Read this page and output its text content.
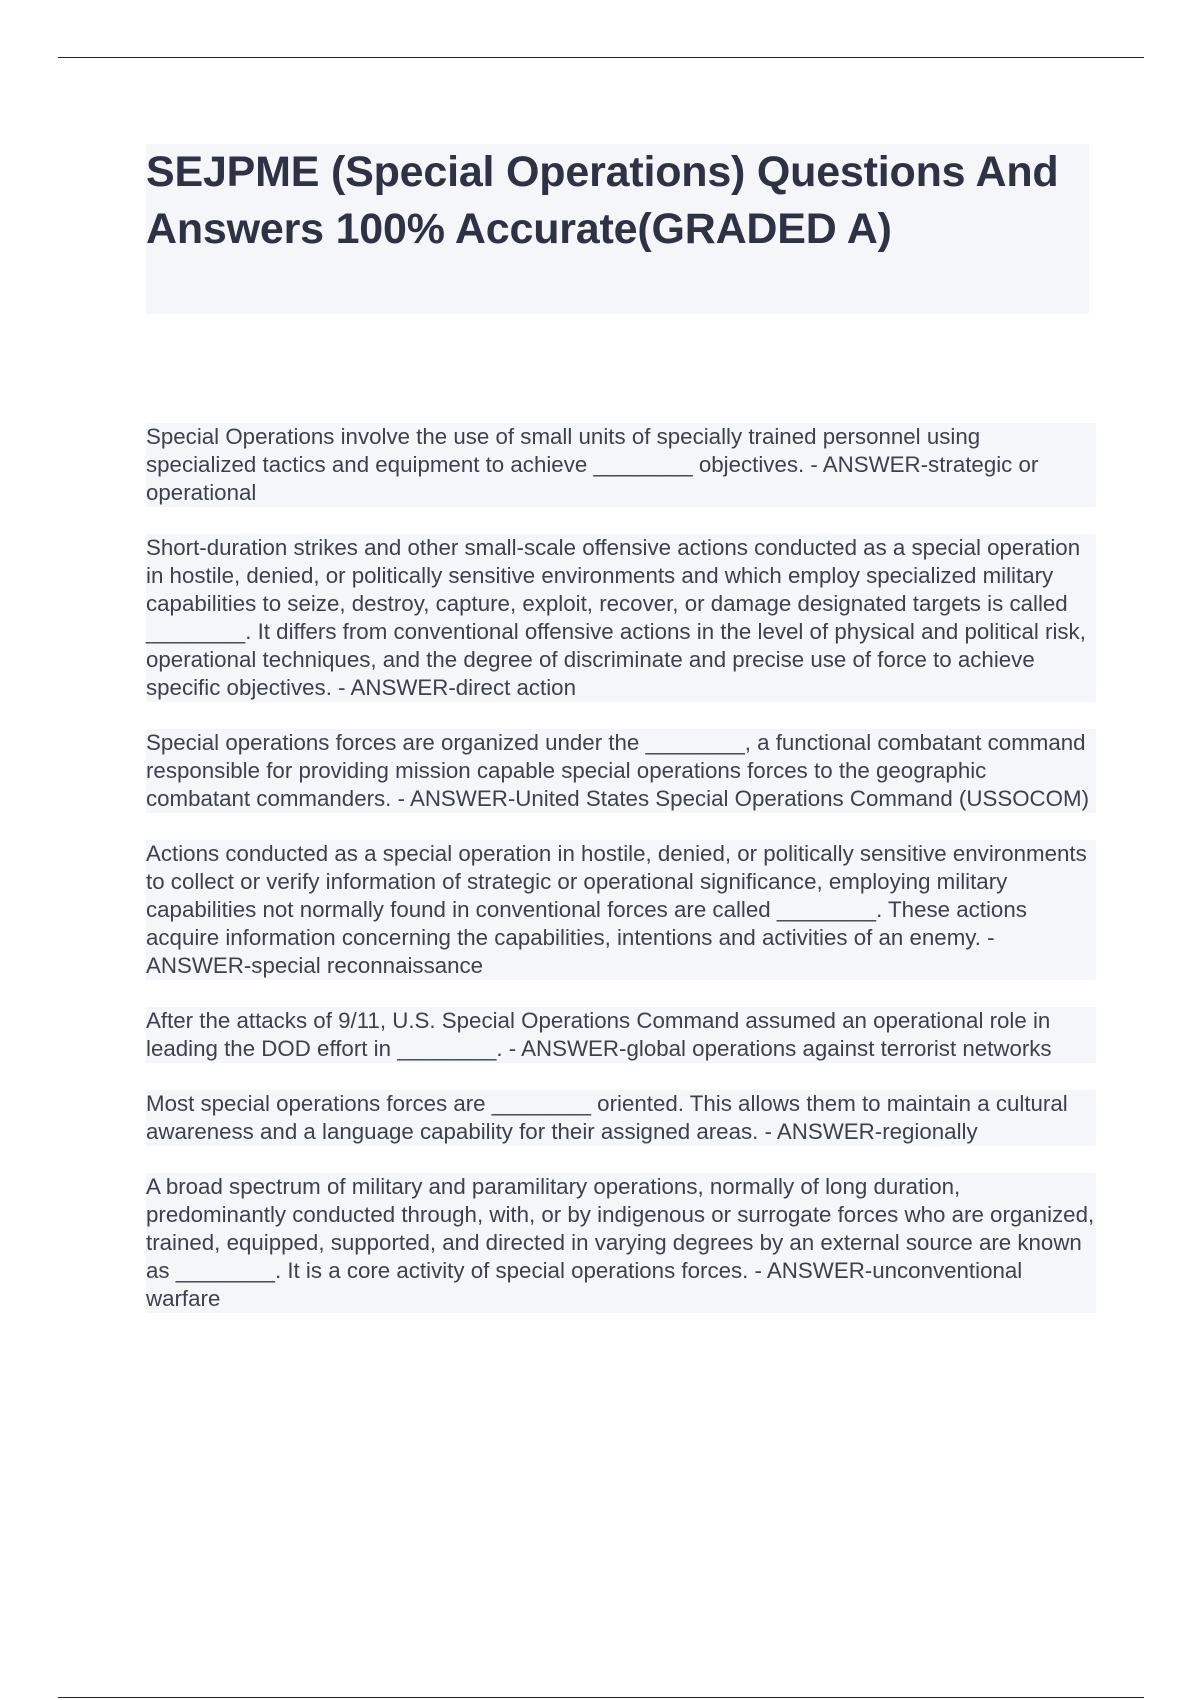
SEJPME (Special Operations) Questions And Answers 100% Accurate(GRADED A)

Special Operations involve the use of small units of specially trained personnel using specialized tactics and equipment to achieve ________ objectives. - ANSWER-strategic or operational

Short-duration strikes and other small-scale offensive actions conducted as a special operation in hostile, denied, or politically sensitive environments and which employ specialized military capabilities to seize, destroy, capture, exploit, recover, or damage designated targets is called ________. It differs from conventional offensive actions in the level of physical and political risk, operational techniques, and the degree of discriminate and precise use of force to achieve specific objectives. - ANSWER-direct action

Special operations forces are organized under the ________, a functional combatant command responsible for providing mission capable special operations forces to the geographic combatant commanders. - ANSWER-United States Special Operations Command (USSOCOM)

Actions conducted as a special operation in hostile, denied, or politically sensitive environments to collect or verify information of strategic or operational significance, employing military capabilities not normally found in conventional forces are called ________. These actions acquire information concerning the capabilities, intentions and activities of an enemy. - ANSWER-special reconnaissance

After the attacks of 9/11, U.S. Special Operations Command assumed an operational role in leading the DOD effort in ________. - ANSWER-global operations against terrorist networks

Most special operations forces are ________ oriented. This allows them to maintain a cultural awareness and a language capability for their assigned areas. - ANSWER-regionally

A broad spectrum of military and paramilitary operations, normally of long duration, predominantly conducted through, with, or by indigenous or surrogate forces who are organized, trained, equipped, supported, and directed in varying degrees by an external source are known as ________. It is a core activity of special operations forces. - ANSWER-unconventional warfare
